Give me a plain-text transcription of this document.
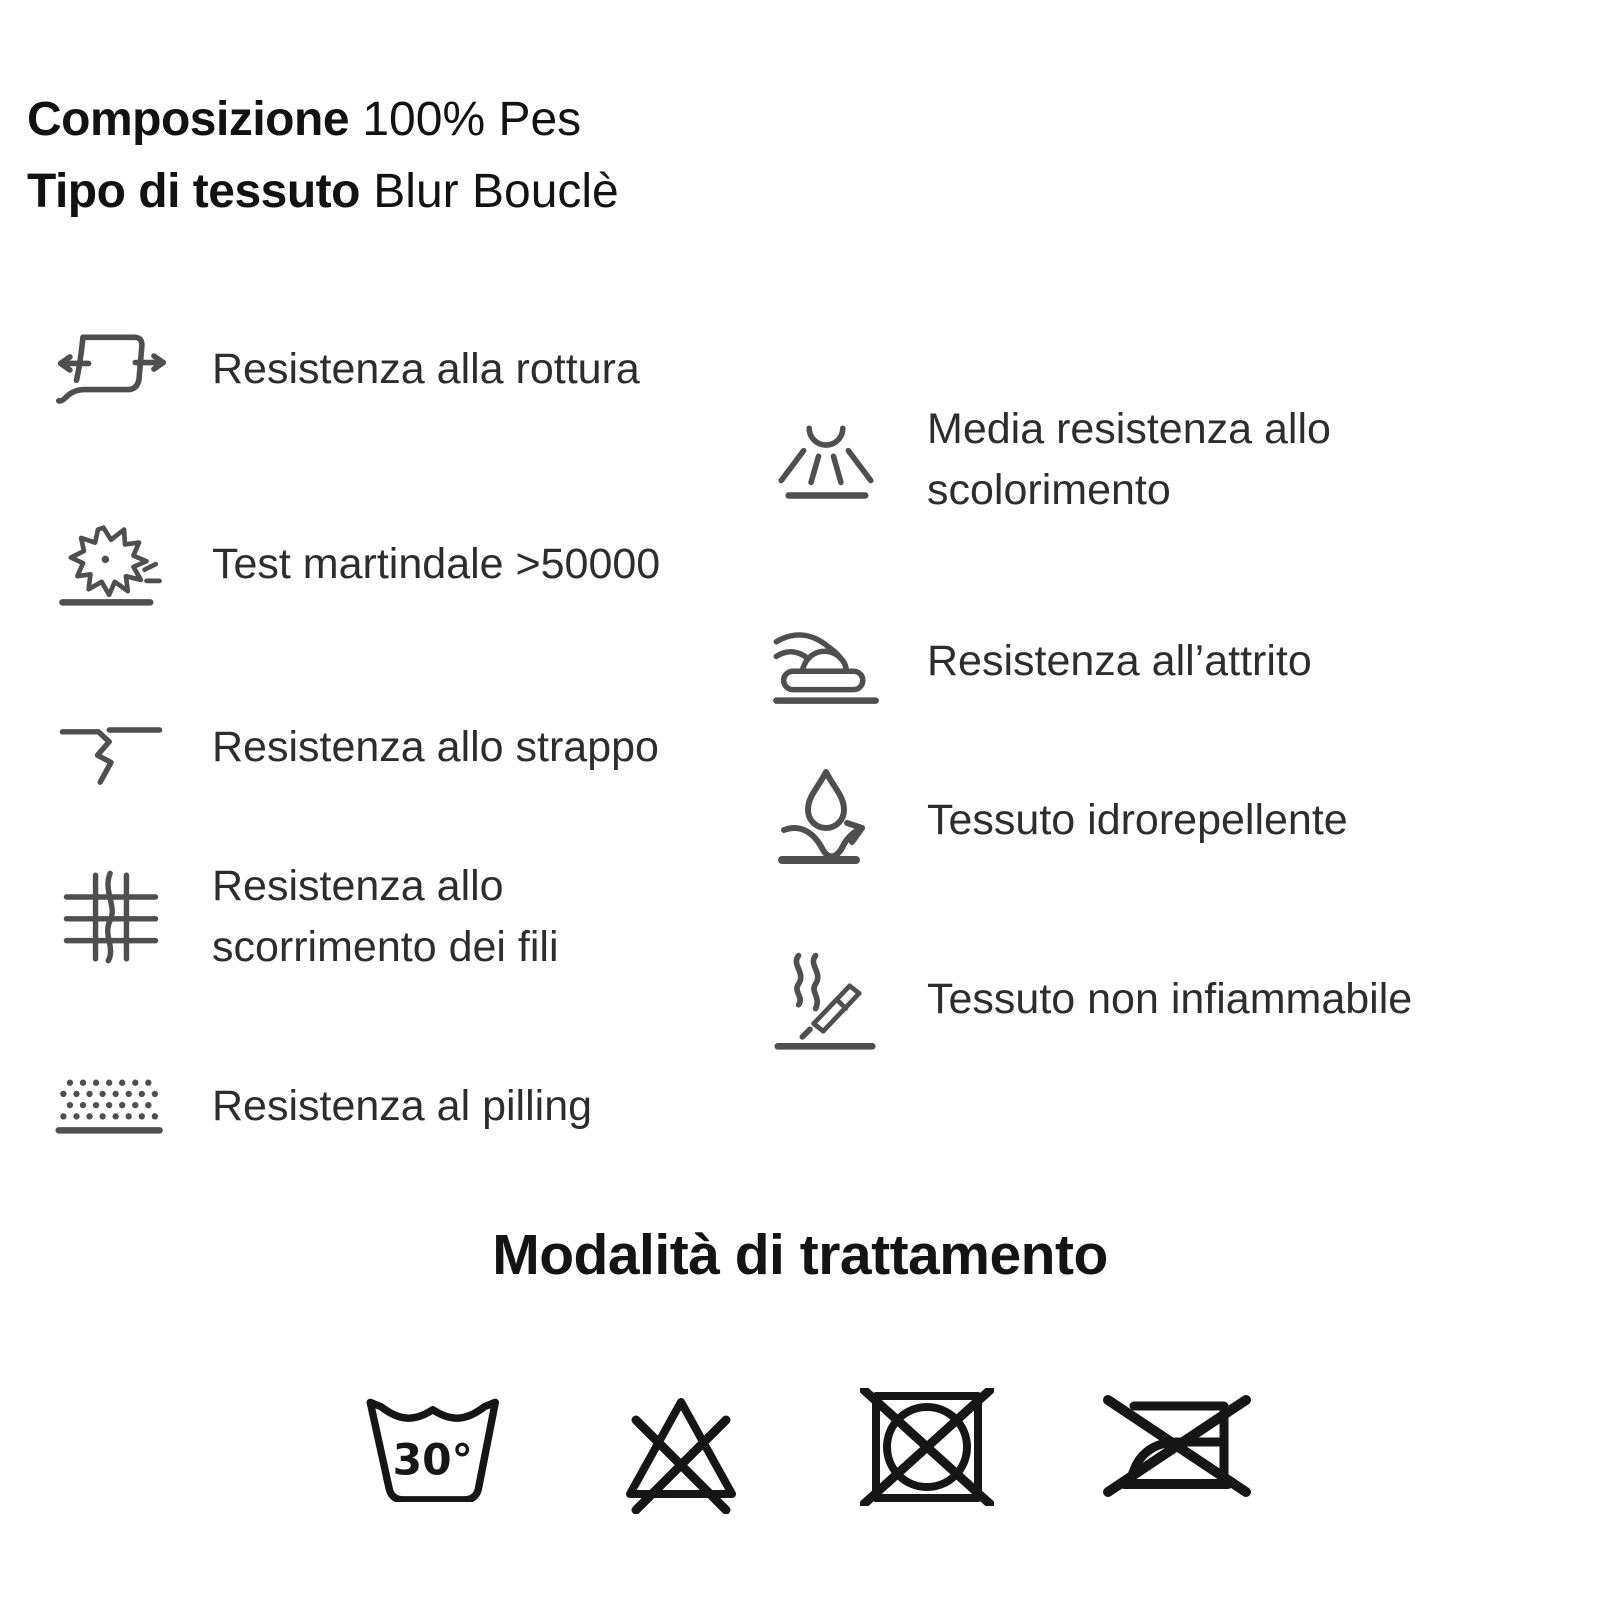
Composizione 100% Pes
Tipo di tessuto Blur Bouclè
Resistenza alla rottura
Test martindale >50000
Resistenza allo strappo
Resistenza allo
scorrimento dei fili
Resistenza al pilling
Media resistenza allo
scolorimento
Resistenza all’attrito
Tessuto idrorepellente
Tessuto non infiammabile
Modalità di trattamento
30°
